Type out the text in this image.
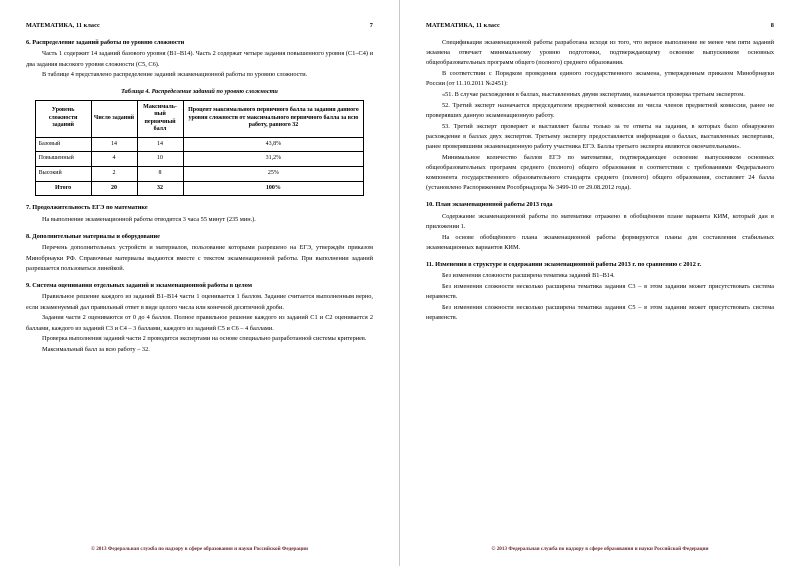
МАТЕМАТИКА, 11 класс	7
6. Распределение заданий работы по уровню сложности

Часть 1 содержит 14 заданий базового уровня (В1–В14). Часть 2 содержат четыре задания повышенного уровня (С1–С4) и два задания высокого уровня сложности (С5, С6).

В таблице 4 представлено распределение заданий экзаменационной работы по уровню сложности.

Таблица 4. Распределение заданий по уровню сложности
Уровень сложности заданий	Число заданий	Максималь-ный первичный балл	Процент максимального первичного балла за задания данного уровня сложности от максимального первичного балла за всю работу, равного 32
Базовый	14	14	43,8%
Повышенный	4	10	31,2%
Высокий	2	8	25%
Итого	20	32	100%
7. Продолжительность ЕГЭ по математике

На выполнение экзаменационной работы отводится 3 часа 55 минут (235 мин.).

8. Дополнительные материалы и оборудование

Перечень дополнительных устройств и материалов, пользование которыми разрешено на ЕГЭ, утверждён приказом Минобрнауки РФ. Справочные материалы выдаются вместе с текстом экзаменационной работы. При выполнении заданий разрешается пользоваться линейкой.

9. Система оценивания отдельных заданий и экзаменационной работы в целом

Правильное решение каждого из заданий В1–В14 части 1 оценивается 1 баллом. Задание считается выполненным верно, если экзаменуемый дал правильный ответ в виде целого числа или конечной десятичной дроби.

Задания части 2 оцениваются от 0 до 4 баллов. Полное правильное решение каждого из заданий С1 и С2 оценивается 2 баллами, каждого из заданий С3 и С4 – 3 баллами, каждого из заданий С5 и С6 – 4 баллами.

Проверка выполнения заданий части 2 проводится экспертами на основе специально разработанной системы критериев.

Максимальный балл за всю работу – 32.

© 2013 Федеральная служба по надзору в сфере образования и науки Российской Федерации
МАТЕМАТИКА, 11 класс	8

Спецификация экзаменационной работы разработана исходя из того, что верное выполнение не менее чем пяти заданий экзамена отвечает минимальному уровню подготовки, подтверждающему освоение выпускником основных общеобразовательных программ общего (полного) среднего образования.

В соответствии с Порядком проведения единого государственного экзамена, утвержденным приказом Минобрнауки России (от 11.10.2011 №2451):

«51. В случае расхождения в баллах, выставленных двумя экспертами, назначается проверка третьим экспертом.

52. Третий эксперт назначается председателем предметной комиссии из числа членов предметной комиссии, ранее не проверявших данную экзаменационную работу.

53. Третий эксперт проверяет и выставляет баллы только за те ответы на задания, в которых было обнаружено расхождение в баллах двух экспертов. Третьему эксперту предоставляется информация о баллах, выставленных экспертами, ранее проверявшими экзаменационную работу участника ЕГЭ. Баллы третьего эксперта являются окончательными».

Минимальное количество баллов ЕГЭ по математике, подтверждающее освоение выпускником основных общеобразовательных программ среднего (полного) общего образования в соответствии с требованиями Федерального компонента государственного образовательного стандарта среднего (полного) общего образования, составляет 24 балла (установлено Распоряжением Рособрнадзора № 3499-10 от 29.08.2012 года).

10. План экзаменационной работы 2013 года

Содержание экзаменационной работы по математике отражено в обобщённом плане варианта КИМ, который дан в приложении 1.

На основе обобщённого плана экзаменационной работы формируются планы для составления стабильных экзаменационных вариантов КИМ.

11. Изменения в структуре и содержании экзаменационной работы 2013 г. по сравнению с 2012 г.

Без изменения сложности расширена тематика заданий В1–В14.

Без изменения сложности несколько расширена тематика задания С3 – в этом задании может присутствовать система неравенств.

Без изменения сложности несколько расширена тематика задания С5 – в этом задании может присутствовать система неравенств.

© 2013 Федеральная служба по надзору в сфере образования и науки Российской Федерации
